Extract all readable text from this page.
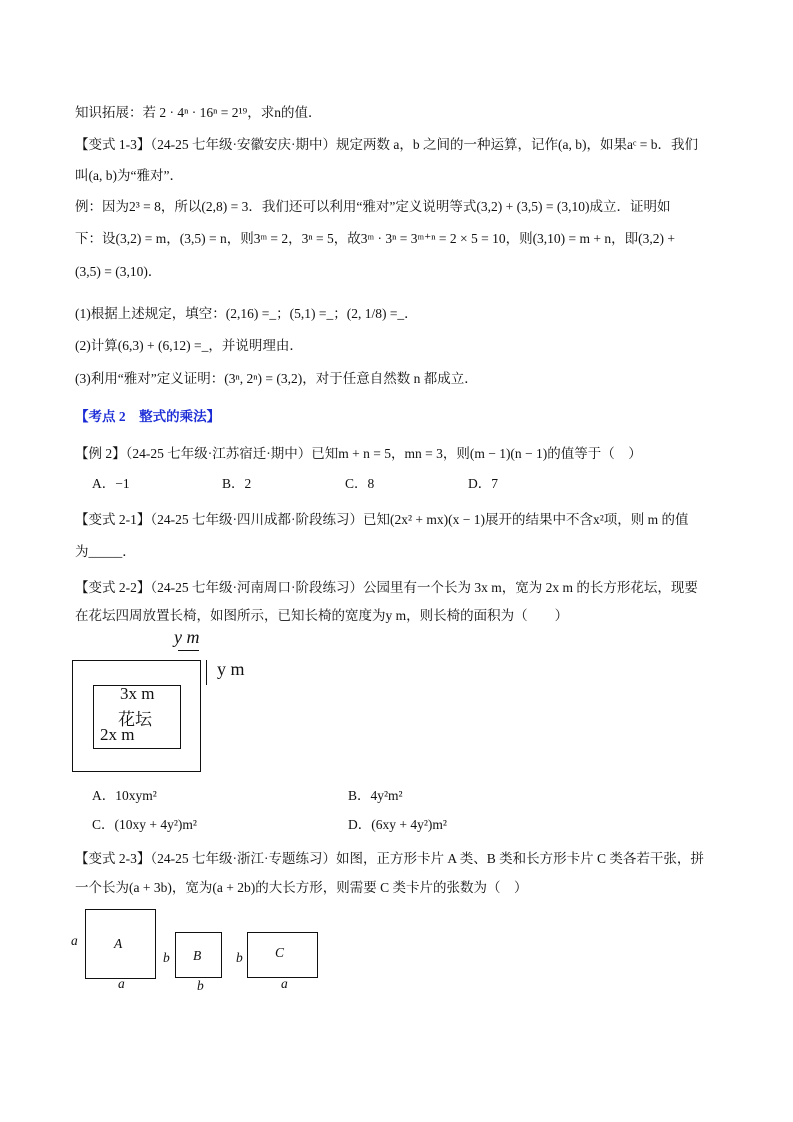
知识拓展：若 2 · 4ⁿ · 16ⁿ = 2¹⁹，求n的值．
【变式 1-3】（24-25 七年级·安徽安庆·期中）规定两数 a，b 之间的一种运算，记作(a, b)，如果aᶜ = b．我们
叫(a, b)为“雅对”．
例：因为2³ = 8，所以(2,8) = 3．我们还可以利用“雅对”定义说明等式(3,2) + (3,5) = (3,10)成立．证明如
下：设(3,2) = m，(3,5) = n，则3ᵐ = 2，3ⁿ = 5，故3ᵐ · 3ⁿ = 3ᵐ⁺ⁿ = 2 × 5 = 10，则(3,10) = m + n，即(3,2) +
(3,5) = (3,10)．
(1)根据上述规定，填空：(2,16) =_；(5,1) =_；(2, 1/8) =_．
(2)计算(6,3) + (6,12) =_，并说明理由．
(3)利用“雅对”定义证明：(3ⁿ, 2ⁿ) = (3,2)，对于任意自然数 n 都成立．
【考点 2　整式的乘法】
【例 2】（24-25 七年级·江苏宿迁·期中）已知m + n = 5，mn = 3，则(m − 1)(n − 1)的值等于（　）
A．−1	B．2	C．8	D．7
【变式 2-1】（24-25 七年级·四川成都·阶段练习）已知(2x² + mx)(x − 1)展开的结果中不含x²项，则 m 的值
为_____．
【变式 2-2】（24-25 七年级·河南周口·阶段练习）公园里有一个长为 3x m，宽为 2x m 的长方形花坛，现要
在花坛四周放置长椅，如图所示，已知长椅的宽度为y m，则长椅的面积为（　　）
y m
y m
3x m
花坛
2x m
A．10xym²	B．4y²m²
C．(10xy + 4y²)m²	D．(6xy + 4y²)m²
【变式 2-3】（24-25 七年级·浙江·专题练习）如图，正方形卡片 A 类、B 类和长方形卡片 C 类各若干张，拼
一个长为(a + 3b)，宽为(a + 2b)的大长方形，则需要 C 类卡片的张数为（　）
A
a
a
B
b
b
C
b
a
